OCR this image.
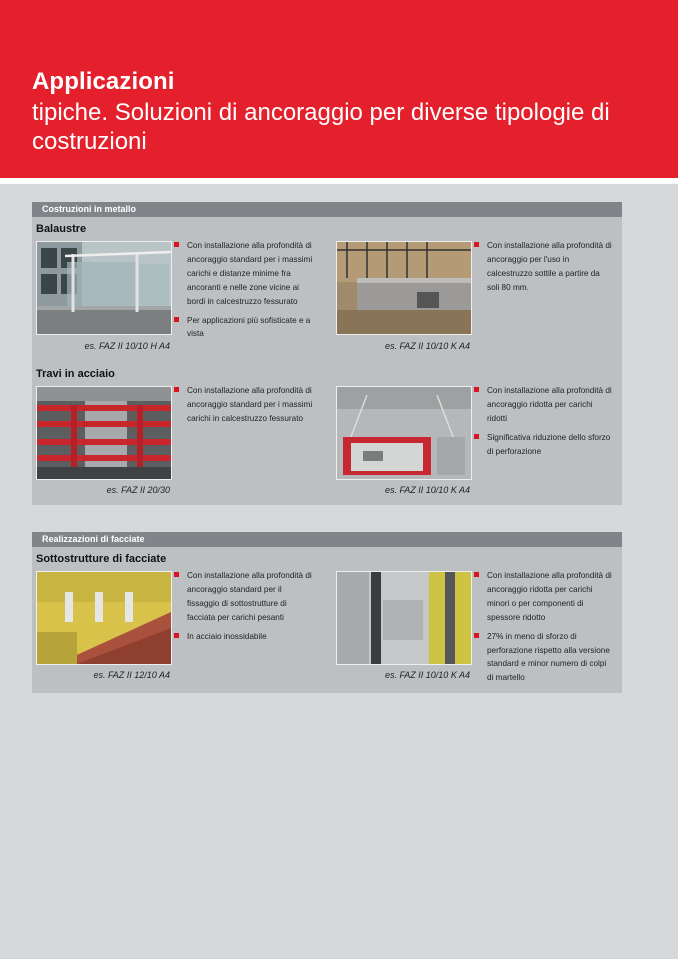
Applicazioni
tipiche. Soluzioni di ancoraggio per diverse tipologie di costruzioni
Costruzioni in metallo
Balaustre
es. FAZ II 10/10 H A4
Con installazione alla profondità di ancoraggio standard per i massimi carichi e distanze minime fra ancoranti e nelle zone vicine ai bordi in calcestruzzo fessurato
Per applicazioni più sofisticate e a vista
es. FAZ II 10/10 K A4
Con installazione alla profondità di ancoraggio per l'uso in calcestruzzo sottile a partire da soli 80 mm.
Travi in acciaio
es. FAZ II 20/30
Con installazione alla profondità di ancoraggio standard per i massimi carichi in calcestruzzo fessurato
es. FAZ II 10/10 K A4
Con installazione alla profondità di ancoraggio ridotta per carichi ridotti
Significativa riduzione dello sforzo di perforazione
Realizzazioni di facciate
Sottostrutture di facciate
es. FAZ II 12/10 A4
Con installazione alla profondità di ancoraggio standard per il fissaggio di sottostrutture di facciata per carichi pesanti
In acciaio inossidabile
es. FAZ II 10/10 K A4
Con installazione alla profondità di ancoraggio ridotta per carichi minori o per componenti di spessore ridotto
27% in meno di sforzo di perforazione rispetto alla versione standard e minor numero di colpi di martello
